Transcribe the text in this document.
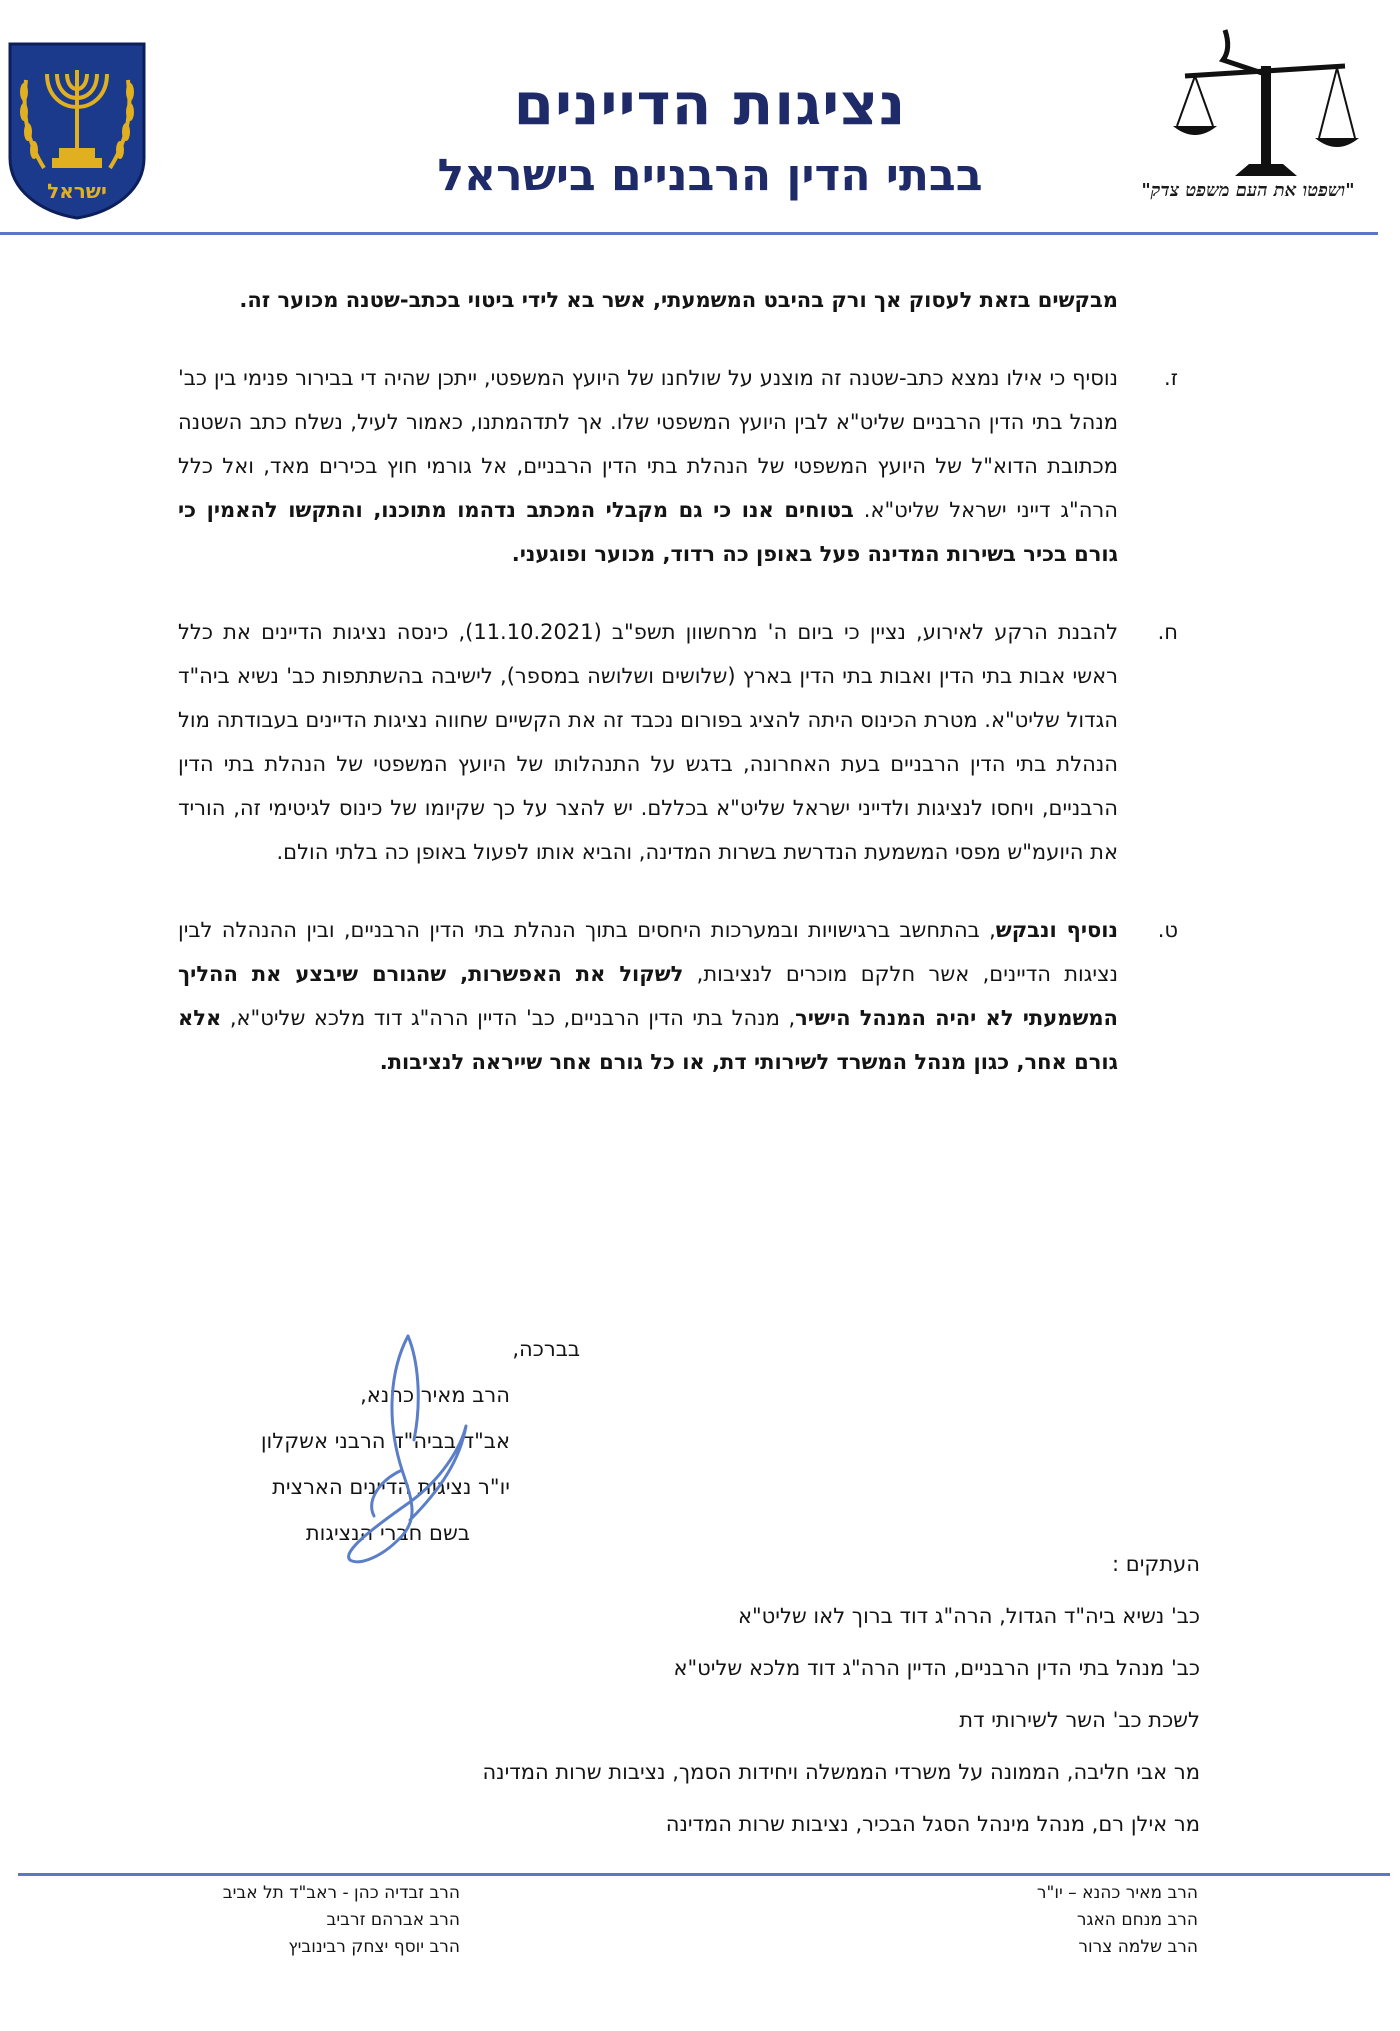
ישראל	"ושפטו את העם משפט צדק"
נציגות הדיינים
בבתי הדין הרבניים בישראל

מבקשים בזאת לעסוק אך ורק בהיבט המשמעתי, אשר בא לידי ביטוי בכתב-שטנה מכוער זה.

ז.
נוסיף כי אילו נמצא כתב-שטנה זה מוצנע על שולחנו של היועץ המשפטי, ייתכן שהיה די בבירור פנימי בין כב' מנהל בתי הדין הרבניים שליט"א לבין היועץ המשפטי שלו. אך לתדהמתנו, כאמור לעיל, נשלח כתב השטנה מכתובת הדוא"ל של היועץ המשפטי של הנהלת בתי הדין הרבניים, אל גורמי חוץ בכירים מאד, ואל כלל הרה"ג דייני ישראל שליט"א. בטוחים אנו כי גם מקבלי המכתב נדהמו מתוכנו, והתקשו להאמין כי גורם בכיר בשירות המדינה פעל באופן כה רדוד, מכוער ופוגעני.

ח.
להבנת הרקע לאירוע, נציין כי ביום ה' מרחשוון תשפ"ב (11.10.2021), כינסה נציגות הדיינים את כלל ראשי אבות בתי הדין ואבות בתי הדין בארץ (שלושים ושלושה במספר), לישיבה בהשתתפות כב' נשיא ביה"ד הגדול שליט"א. מטרת הכינוס היתה להציג בפורום נכבד זה את הקשיים שחווה נציגות הדיינים בעבודתה מול הנהלת בתי הדין הרבניים בעת האחרונה, בדגש על התנהלותו של היועץ המשפטי של הנהלת בתי הדין הרבניים, ויחסו לנציגות ולדייני ישראל שליט"א בכללם. יש להצר על כך שקיומו של כינוס לגיטימי זה, הוריד את היועמ"ש מפסי המשמעת הנדרשת בשרות המדינה, והביא אותו לפעול באופן כה בלתי הולם.

ט.
נוסיף ונבקש, בהתחשב ברגישויות ובמערכות היחסים בתוך הנהלת בתי הדין הרבניים, ובין ההנהלה לבין נציגות הדיינים, אשר חלקם מוכרים לנציבות, לשקול את האפשרות, שהגורם שיבצע את ההליך המשמעתי לא יהיה המנהל הישיר, מנהל בתי הדין הרבניים, כב' הדיין הרה"ג דוד מלכא שליט"א, אלא גורם אחר, כגון מנהל המשרד לשירותי דת, או כל גורם אחר שייראה לנציבות.

בברכה,
הרב מאיר כהנא,
אב"ד בביה"ד הרבני אשקלון
יו"ר נציגות הדיינים הארצית
בשם חברי הנציגות
העתקים :
כב' נשיא ביה"ד הגדול, הרה"ג דוד ברוך לאו שליט"א
כב' מנהל בתי הדין הרבניים, הדיין הרה"ג דוד מלכא שליט"א
לשכת כב' השר לשירותי דת
מר אבי חליבה, הממונה על משרדי הממשלה ויחידות הסמך, נציבות שרות המדינה
מר אילן רם, מנהל מינהל הסגל הבכיר, נציבות שרות המדינה
הרב מאיר כהנא – יו"ר
הרב מנחם האגר
הרב שלמה צרור
הרב זבדיה כהן - ראב"ד תל אביב
הרב אברהם זרביב
הרב יוסף יצחק רבינוביץ
